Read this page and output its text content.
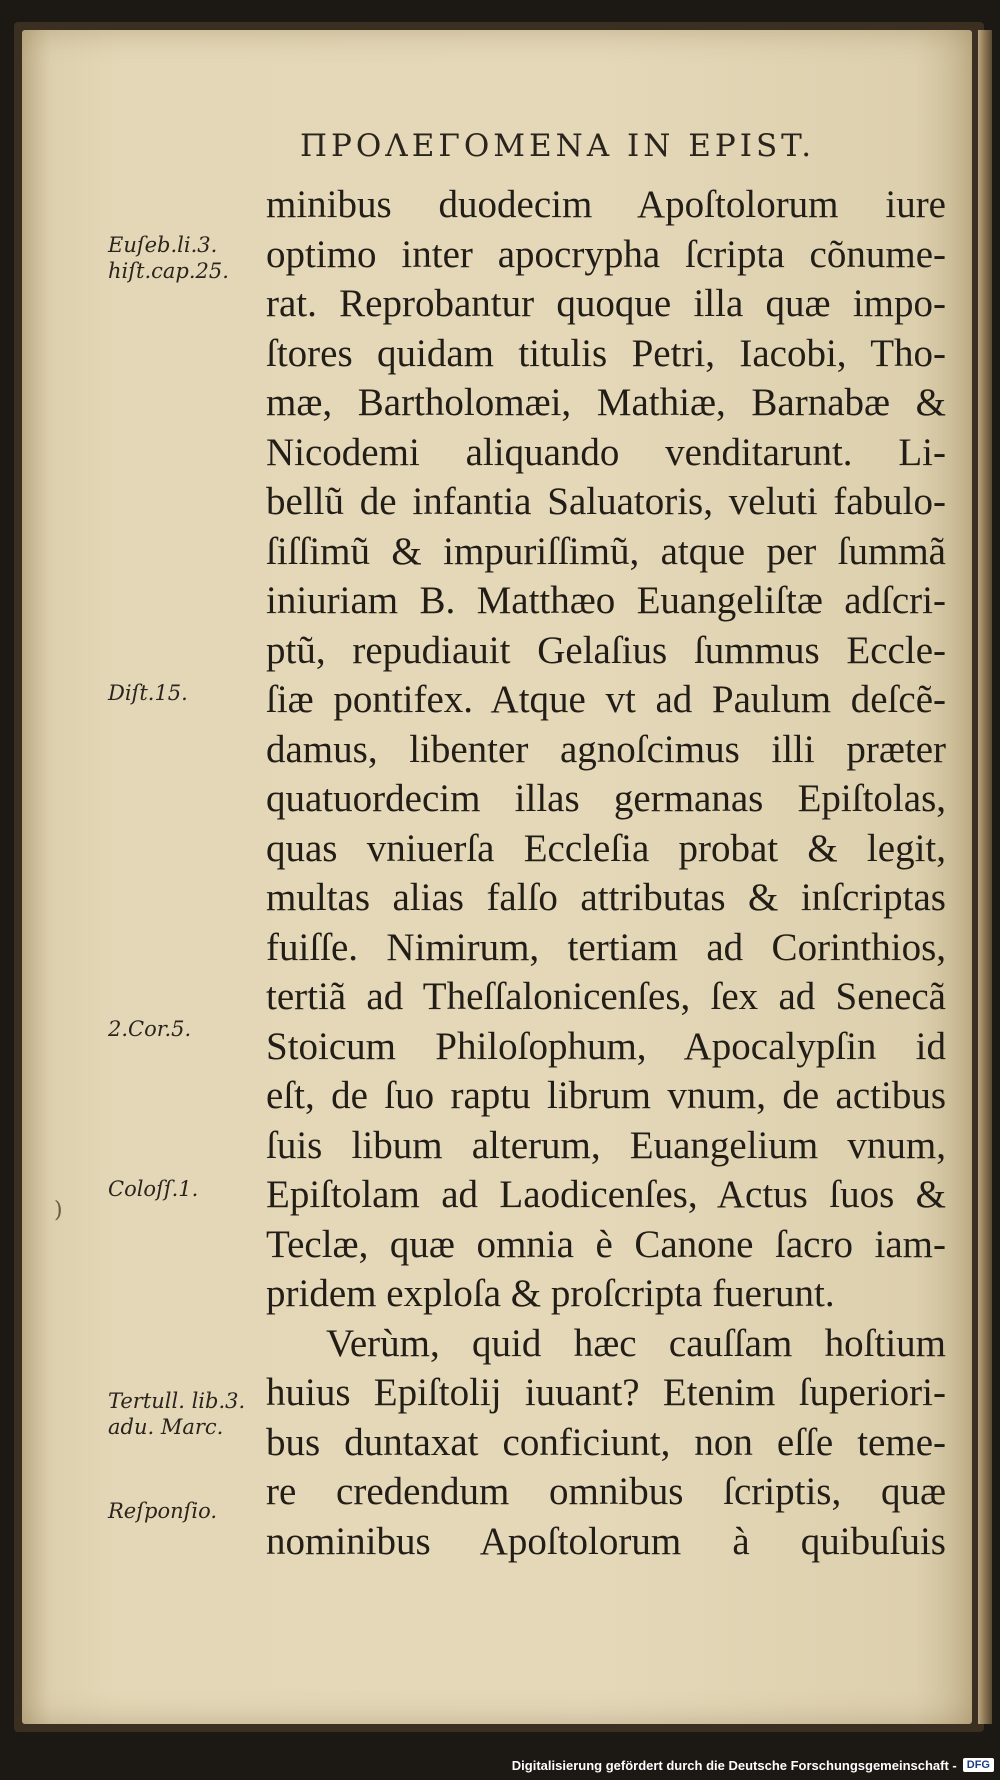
ΠΡΟΛΕΓΟΜΕΝΑ IN EPIST.
minibus duodecim Apoſtolorum iure
optimo inter apocrypha ſcripta cõnume-
rat. Reprobantur quoque illa quæ impo-
ſtores quidam titulis Petri, Iacobi, Tho-
mæ, Bartholomæi, Mathiæ, Barnabæ &
Nicodemi aliquando venditarunt. Li-
bellũ de infantia Saluatoris, veluti fabulo-
ſiſſimũ & impuriſſimũ, atque per ſummã
iniuriam B. Matthæo Euangeliſtæ adſcri-
ptũ, repudiauit Gelaſius ſummus Eccle-
ſiæ pontifex. Atque vt ad Paulum deſcẽ-
damus, libenter agnoſcimus illi præter
quatuordecim illas germanas Epiſtolas,
quas vniuerſa Eccleſia probat & legit,
multas alias falſo attributas & inſcriptas
fuiſſe. Nimirum, tertiam ad Corinthios,
tertiã ad Theſſalonicenſes, ſex ad Senecã
Stoicum Philoſophum, Apocalypſin id
eſt, de ſuo raptu librum vnum, de actibus
ſuis libum alterum, Euangelium vnum,
Epiſtolam ad Laodicenſes, Actus ſuos &
Teclæ, quæ omnia è Canone ſacro iam-
pridem exploſa & proſcripta fuerunt.
Verùm, quid hæc cauſſam hoſtium
huius Epiſtolij iuuant? Etenim ſuperiori-
bus duntaxat conficiunt, non eſſe teme-
re credendum omnibus ſcriptis, quæ
nominibus Apoſtolorum à quibuſuis
Euſeb.li.3.
hiſt.cap.25.
Diſt.15.
2.Cor.5.
Coloſſ.1.
Tertull. lib.3.
adu. Marc.
Reſponſio.
)
Digitalisierung gefördert durch die Deutsche Forschungsgemeinschaft - DFG
